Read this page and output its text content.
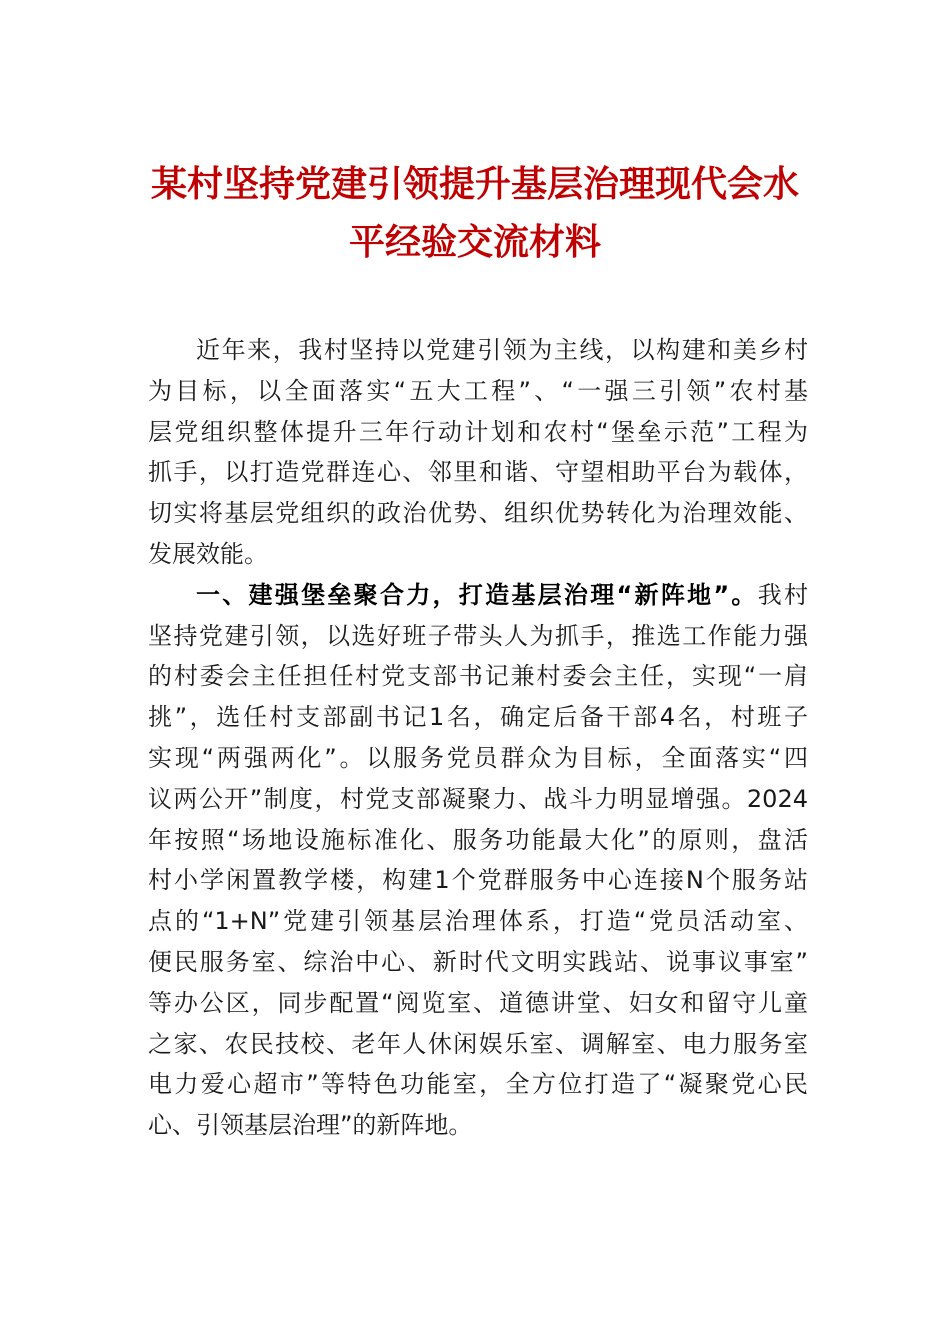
某村坚持党建引领提升基层治理现代会水
平经验交流材料

近年来，我村坚持以党建引领为主线，以构建和美乡村
为目标，以全面落实“五大工程”、“一强三引领”农村基
层党组织整体提升三年行动计划和农村“堡垒示范”工程为
抓手，以打造党群连心、邻里和谐、守望相助平台为载体，
切实将基层党组织的政治优势、组织优势转化为治理效能、
发展效能。

一、建强堡垒聚合力，打造基层治理“新阵地”。我村
坚持党建引领，以选好班子带头人为抓手，推选工作能力强
的村委会主任担任村党支部书记兼村委会主任，实现“一肩
挑”，选任村支部副书记1名，确定后备干部4名，村班子
实现“两强两化”。以服务党员群众为目标，全面落实“四
议两公开”制度，村党支部凝聚力、战斗力明显增强。2024
年按照“场地设施标准化、服务功能最大化”的原则，盘活
村小学闲置教学楼，构建1个党群服务中心连接N个服务站
点的“1+N”党建引领基层治理体系，打造“党员活动室、
便民服务室、综治中心、新时代文明实践站、说事议事室”
等办公区，同步配置“阅览室、道德讲堂、妇女和留守儿童
之家、农民技校、老年人休闲娱乐室、调解室、电力服务室
电力爱心超市”等特色功能室，全方位打造了“凝聚党心民
心、引领基层治理”的新阵地。
